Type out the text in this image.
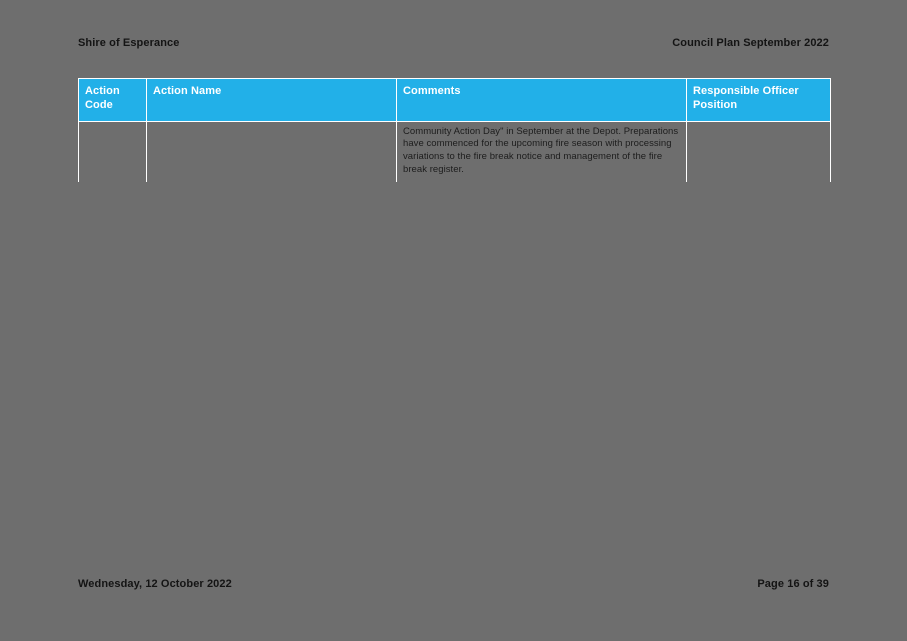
Shire of Esperance	Council Plan September 2022
Action Code	Action Name	Comments	Responsible Officer Position
		Community Action Day" in September at the Depot. Preparations have commenced for the upcoming fire season with processing variations to the fire break notice and management of the fire break register.	
Wednesday, 12 October 2022	Page 16 of 39
